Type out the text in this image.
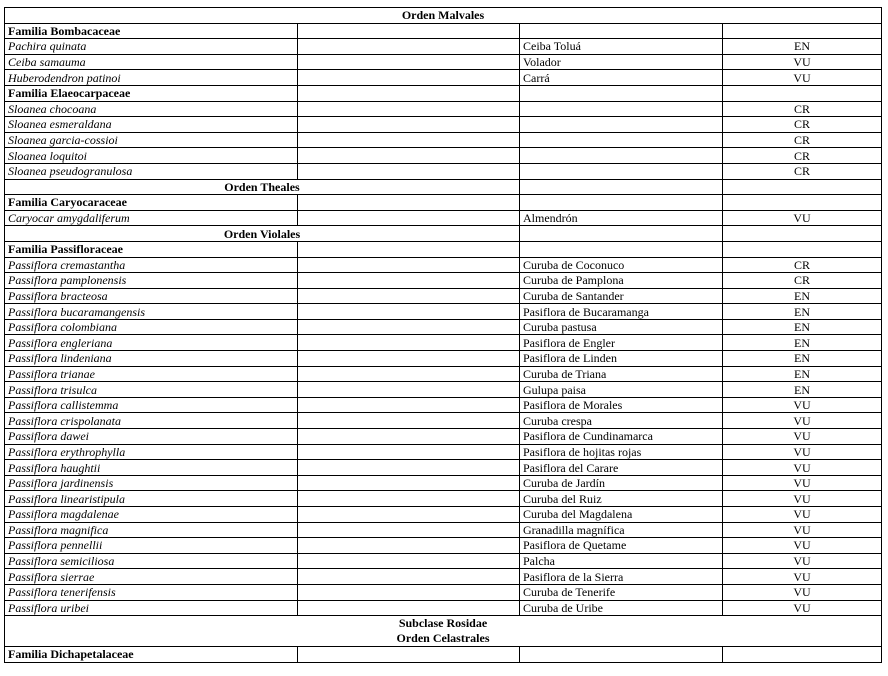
Orden Malvales			
Familia Bombacaceae			
Pachira quinata		Ceiba Toluá	EN
Ceiba samauma		Volador	VU
Huberodendron patinoi		Carrá	VU
Familia Elaeocarpaceae			
Sloanea chocoana			CR
Sloanea esmeraldana			CR
Sloanea garcia-cossioi			CR
Sloanea loquitoi			CR
Sloanea pseudogranulosa			CR
Orden Theales			
Familia Caryocaraceae			
Caryocar amygdaliferum		Almendrón	VU
Orden Violales			
Familia Passifloraceae			
Passiflora cremastantha		Curuba de Coconuco	CR
Passiflora pamplonensis		Curuba de Pamplona	CR
Passiflora bracteosa		Curuba de Santander	EN
Passiflora bucaramangensis		Pasiflora de Bucaramanga	EN
Passiflora colombiana		Curuba pastusa	EN
Passiflora engleriana		Pasiflora de Engler	EN
Passiflora lindeniana		Pasiflora de Linden	EN
Passiflora trianae		Curuba de Triana	EN
Passiflora trisulca		Gulupa paisa	EN
Passiflora callistemma		Pasiflora de Morales	VU
Passiflora crispolanata		Curuba crespa	VU
Passiflora dawei		Pasiflora de Cundinamarca	VU
Passiflora erythrophylla		Pasiflora de hojitas rojas	VU
Passiflora haughtii		Pasiflora del Carare	VU
Passiflora jardinensis		Curuba de Jardín	VU
Passiflora linearistipula		Curuba del Ruiz	VU
Passiflora magdalenae		Curuba del Magdalena	VU
Passiflora magnifica		Granadilla magnífica	VU
Passiflora pennellii		Pasiflora de Quetame	VU
Passiflora semiciliosa		Palcha	VU
Passiflora sierrae		Pasiflora de la Sierra	VU
Passiflora tenerifensis		Curuba de Tenerife	VU
Passiflora uribei		Curuba de Uribe	VU

Subclase Rosidae
Orden Celastrales			

Familia Dichapetalaceae			
